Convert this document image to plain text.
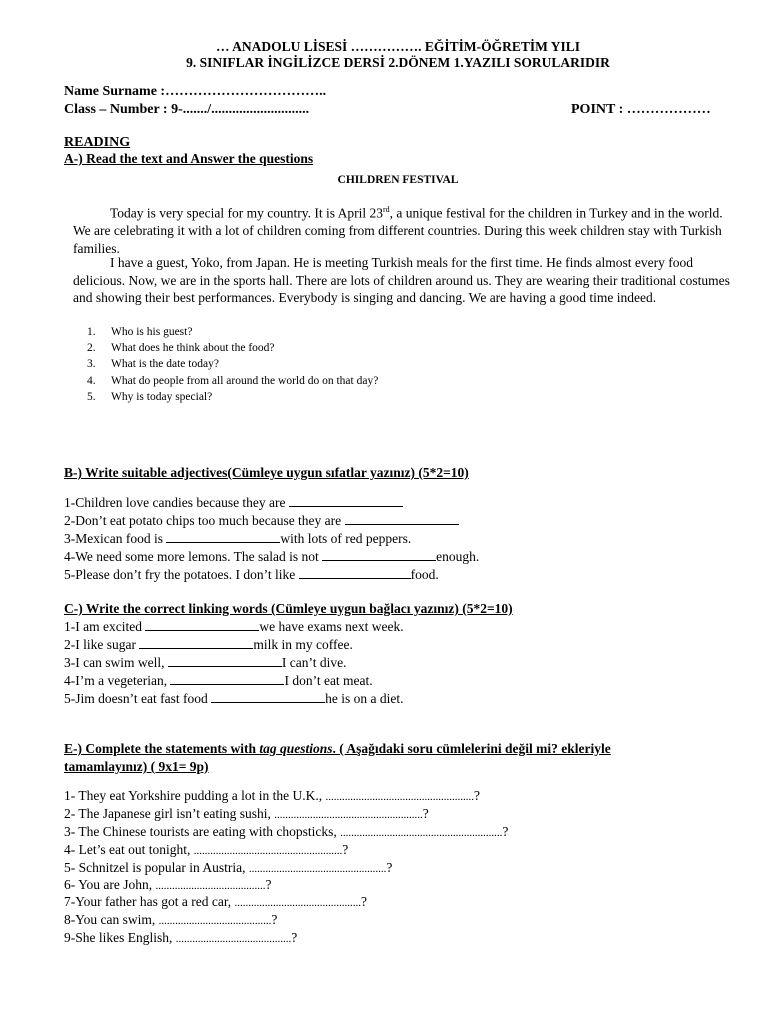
… ANADOLU LİSESİ ……………. EĞİTİM-ÖĞRETİM YILI
9. SINIFLAR İNGİLİZCE DERSİ 2.DÖNEM 1.YAZILI SORULARIDIR
Name Surname :……………………………..
Class – Number : 9-......./............................	POINT : ………………
READING
A-) Read the text and Answer the questions
CHILDREN FESTIVAL
Today is very special for my country. It is April 23rd, a unique festival for the children in Turkey and in the world. We are celebrating it with a lot of children coming from different countries. During this week children stay with Turkish families.
I have a guest, Yoko, from Japan. He is meeting Turkish meals for the first time. He finds almost every food delicious. Now, we are in the sports hall. There are lots of children around us. They are wearing their traditional costumes and showing their best performances. Everybody is singing and dancing. We are having a good time indeed.
1.	Who is his guest?
2.	What does he think about the food?
3.	What is the date today?
4.	What do people from all around the world do on that day?
5.	Why is today special?
B-) Write suitable adjectives(Cümleye uygun sıfatlar yazınız) (5*2=10)
1-Children love candies because they are
2-Don’t eat potato chips too much because they are
3-Mexican food is	with lots of red peppers.
4-We need some more lemons. The salad is not	enough.
5-Please don’t fry the potatoes. I don’t like	food.
C-) Write the correct linking words (Cümleye uygun bağlacı yazınız) (5*2=10)
1-I am excited	we have exams next week.
2-I like sugar	milk in my coffee.
3-I can swim well,	I can’t dive.
4-I’m a vegeterian,	I don’t eat meat.
5-Jim doesn’t eat fast food	he is on a diet.
E-) Complete the statements with tag questions. ( Aşağıdaki soru cümlelerini değil mi? ekleriyle
tamamlayınız) ( 9x1= 9p)
1- They eat Yorkshire pudding a lot in the U.K., ......................................................?
2- The Japanese girl isn’t eating sushi, ......................................................?
3- The Chinese tourists are eating with chopsticks, ...........................................................?
4- Let’s eat out tonight, ......................................................?
5- Schnitzel is popular in Austria, ..................................................?
6- You are John, ........................................?
7-Your father has got a red car, ..............................................?
8-You can swim, .........................................?
9-She likes English, ..........................................?
